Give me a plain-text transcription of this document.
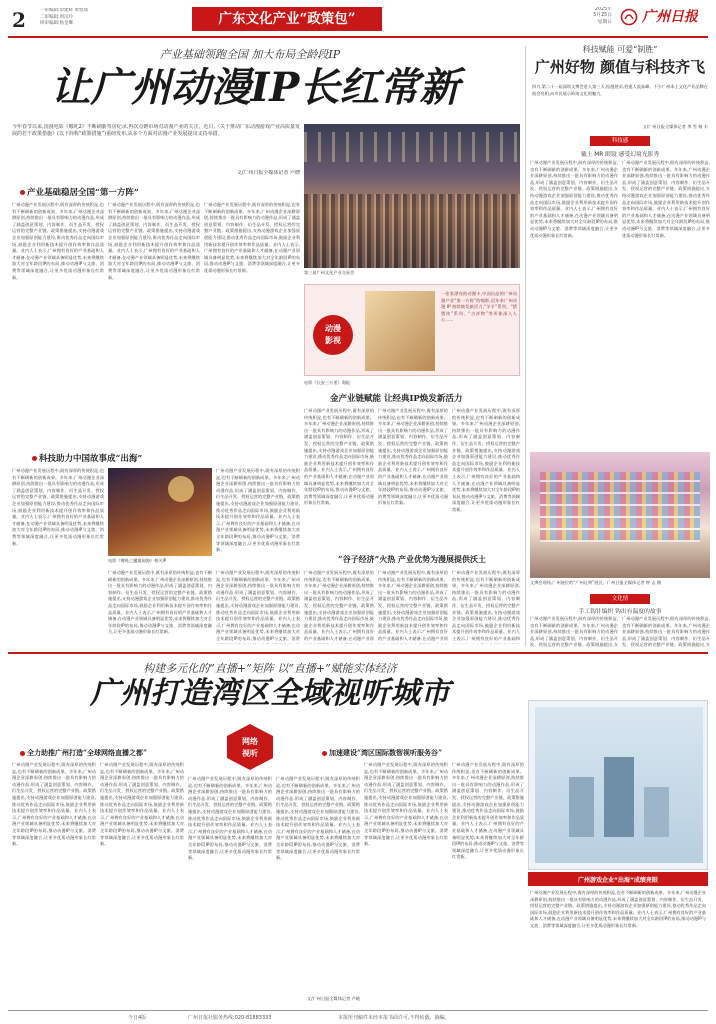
2	一审编辑:余建辉 黄旭瑞
二审编辑:周汉玲
终审编辑:杨金鹰	广东文化产业“政策包”
2025年
5月25日
星期日 广州日报
产业基础领跑全国 加大布局全龄段IP
让广州动漫IP长红常新
今年春节以来,国漫电影《哪吒2》不断刷新票房纪录,再次点燃市场对动漫产业的关注。近日,《关于推动广东动漫游戏产业高质量发展的若干政策措施》(以下简称“政策措施”)重磅发布,从多个方面对动漫产业发展提出支持举措。
文/广州日报全媒体记者 卢晓
第三届广州文化产业交易会
产业基础稳居全国“第一方阵”
广州动漫产业发展历程中,既有深厚的传统积淀,也有不断刷新的创新成果。多年来,广州动漫企业深耕原创,持续推出一批具有影响力的动漫作品,形成了涵盖创意策划、内容制作、衍生品开发、授权运营的完整产业链。政策措施提出,支持动漫游戏企业加强原创能力建设,推动优秀作品走向国际市场,鼓励企业利用新技术提升创作效率和作品质量。业内人士表示,广州拥有良好的产业基础和人才储备,在动漫产业领域具备明显优势,未来将继续加大对全年龄段IP的布局,推动动漫IP与文旅、消费等领域深度融合,让更多优质动漫形象长红常新。
广州动漫产业发展历程中,既有深厚的传统积淀,也有不断刷新的创新成果。多年来,广州动漫企业深耕原创,持续推出一批具有影响力的动漫作品,形成了涵盖创意策划、内容制作、衍生品开发、授权运营的完整产业链。政策措施提出,支持动漫游戏企业加强原创能力建设,推动优秀作品走向国际市场,鼓励企业利用新技术提升创作效率和作品质量。业内人士表示,广州拥有良好的产业基础和人才储备,在动漫产业领域具备明显优势,未来将继续加大对全年龄段IP的布局,推动动漫IP与文旅、消费等领域深度融合,让更多优质动漫形象长红常新。
广州动漫产业发展历程中,既有深厚的传统积淀,也有不断刷新的创新成果。多年来,广州动漫企业深耕原创,持续推出一批具有影响力的动漫作品,形成了涵盖创意策划、内容制作、衍生品开发、授权运营的完整产业链。政策措施提出,支持动漫游戏企业加强原创能力建设,推动优秀作品走向国际市场,鼓励企业利用新技术提升创作效率和作品质量。业内人士表示,广州拥有良好的产业基础和人才储备,在动漫产业领域具备明显优势,未来将继续加大对全年龄段IP的布局,推动动漫IP与文旅、消费等领域深度融合,让更多优质动漫形象长红常新。
动漫
影视
一张张漂亮的动漫卡,中国出品的广州动漫产业“第一方阵”的缩影,近年来广州动漫 IP 持续焕发新活力,“羊羊”系列、“猪猪侠”系列、“吉祥物”等形象深入人心……
电影《长安三万里》海报
金产业链赋能 让经典IP焕发新活力
广州动漫产业发展历程中,既有深厚的传统积淀,也有不断刷新的创新成果。多年来,广州动漫企业深耕原创,持续推出一批具有影响力的动漫作品,形成了涵盖创意策划、内容制作、衍生品开发、授权运营的完整产业链。政策措施提出,支持动漫游戏企业加强原创能力建设,推动优秀作品走向国际市场,鼓励企业利用新技术提升创作效率和作品质量。业内人士表示,广州拥有良好的产业基础和人才储备,在动漫产业领域具备明显优势,未来将继续加大对全年龄段IP的布局,推动动漫IP与文旅、消费等领域深度融合,让更多优质动漫形象长红常新。
广州动漫产业发展历程中,既有深厚的传统积淀,也有不断刷新的创新成果。多年来,广州动漫企业深耕原创,持续推出一批具有影响力的动漫作品,形成了涵盖创意策划、内容制作、衍生品开发、授权运营的完整产业链。政策措施提出,支持动漫游戏企业加强原创能力建设,推动优秀作品走向国际市场,鼓励企业利用新技术提升创作效率和作品质量。业内人士表示,广州拥有良好的产业基础和人才储备,在动漫产业领域具备明显优势,未来将继续加大对全年龄段IP的布局,推动动漫IP与文旅、消费等领域深度融合,让更多优质动漫形象长红常新。
广州动漫产业发展历程中,既有深厚的传统积淀,也有不断刷新的创新成果。多年来,广州动漫企业深耕原创,持续推出一批具有影响力的动漫作品,形成了涵盖创意策划、内容制作、衍生品开发、授权运营的完整产业链。政策措施提出,支持动漫游戏企业加强原创能力建设,推动优秀作品走向国际市场,鼓励企业利用新技术提升创作效率和作品质量。业内人士表示,广州拥有良好的产业基础和人才储备,在动漫产业领域具备明显优势,未来将继续加大对全年龄段IP的布局,推动动漫IP与文旅、消费等领域深度融合,让更多优质动漫形象长红常新。
科技助力中国故事成“出海”
广州动漫产业发展历程中,既有深厚的传统积淀,也有不断刷新的创新成果。多年来,广州动漫企业深耕原创,持续推出一批具有影响力的动漫作品,形成了涵盖创意策划、内容制作、衍生品开发、授权运营的完整产业链。政策措施提出,支持动漫游戏企业加强原创能力建设,推动优秀作品走向国际市场,鼓励企业利用新技术提升创作效率和作品质量。业内人士表示,广州拥有良好的产业基础和人才储备,在动漫产业领域具备明显优势,未来将继续加大对全年龄段IP的布局,推动动漫IP与文旅、消费等领域深度融合,让更多优质动漫形象长红常新。
电影《哪吒之魔童闹海》相关IP
广州动漫产业发展历程中,既有深厚的传统积淀,也有不断刷新的创新成果。多年来,广州动漫企业深耕原创,持续推出一批具有影响力的动漫作品,形成了涵盖创意策划、内容制作、衍生品开发、授权运营的完整产业链。政策措施提出,支持动漫游戏企业加强原创能力建设,推动优秀作品走向国际市场,鼓励企业利用新技术提升创作效率和作品质量。业内人士表示,广州拥有良好的产业基础和人才储备,在动漫产业领域具备明显优势,未来将继续加大对全年龄段IP的布局,推动动漫IP与文旅、消费等领域深度融合,让更多优质动漫形象长红常新。
广州动漫产业发展历程中,既有深厚的传统积淀,也有不断刷新的创新成果。多年来,广州动漫企业深耕原创,持续推出一批具有影响力的动漫作品,形成了涵盖创意策划、内容制作、衍生品开发、授权运营的完整产业链。政策措施提出,支持动漫游戏企业加强原创能力建设,推动优秀作品走向国际市场,鼓励企业利用新技术提升创作效率和作品质量。业内人士表示,广州拥有良好的产业基础和人才储备,在动漫产业领域具备明显优势,未来将继续加大对全年龄段IP的布局,推动动漫IP与文旅、消费等领域深度融合,让更多优质动漫形象长红常新。
“谷子经济”火热 产业优势为漫展提供沃土
广州动漫产业发展历程中,既有深厚的传统积淀,也有不断刷新的创新成果。多年来,广州动漫企业深耕原创,持续推出一批具有影响力的动漫作品,形成了涵盖创意策划、内容制作、衍生品开发、授权运营的完整产业链。政策措施提出,支持动漫游戏企业加强原创能力建设,推动优秀作品走向国际市场,鼓励企业利用新技术提升创作效率和作品质量。业内人士表示,广州拥有良好的产业基础和人才储备,在动漫产业领
广州动漫产业发展历程中,既有深厚的传统积淀,也有不断刷新的创新成果。多年来,广州动漫企业深耕原创,持续推出一批具有影响力的动漫作品,形成了涵盖创意策划、内容制作、衍生品开发、授权运营的完整产业链。政策措施提出,支持动漫游戏企业加强原创能力建设,推动优秀作品走向国际市场,鼓励企业利用新技术提升创作效率和作品质量。业内人士表示,广州拥有良好的产业基础和人才储备,在动漫产业领
广州动漫产业发展历程中,既有深厚的传统积淀,也有不断刷新的创新成果。多年来,广州动漫企业深耕原创,持续推出一批具有影响力的动漫作品,形成了涵盖创意策划、内容制作、衍生品开发、授权运营的完整产业链。政策措施提出,支持动漫游戏企业加强原创能力建设,推动优秀作品走向国际市场,鼓励企业利用新技术提升创作效率和作品质量。业内人士表示,广州拥有良好的产业基础和
广州动漫产业发展历程中,既有深厚的传统积淀,也有不断刷新的创新成果。多年来,广州动漫企业深耕原创,持续推出一批具有影响力的动漫作品,形成了涵盖创意策划、内容制作、衍生品开发、授权运营的完整产业链。政策措施提出,支持动漫游戏企业加强原创能力建设,推动优秀作品走向国际市场,鼓励企业利用新技术提升创作效率和作品质量。业内人士表示,广州拥有良好的产业基础和人才储备,在动漫产业领域具备明显优势,未来将继续加大对全年龄段IP的布局,推动动漫IP与文旅、消费
科技赋能 可爱“制胜”
广州好物 颜值与科技齐飞
四月,第二十一届深圳文博会进入第三天,检漫展采,恰逢人流高峰。不少广州本土文化产业品牌在展会亮相,向市民展示岭南文化的魅力。
文/广州日报全媒体记者 李 雪 杨 丰
科技感
戴上 MR 眼镜 感受幻境光影秀
广州动漫产业发展历程中,既有深厚的传统积淀,也有不断刷新的创新成果。多年来,广州动漫企业深耕原创,持续推出一批具有影响力的动漫作品,形成了涵盖创意策划、内容制作、衍生品开发、授权运营的完整产业链。政策措施提出,支持动漫游戏企业加强原创能力建设,推动优秀作品走向国际市场,鼓励企业利用新技术提升创作效率和作品质量。业内人士表示,广州拥有良好的产业基础和人才储备,在动漫产业领域具备明显优势,未来将继续加大对全年龄段IP的布局,推动动漫IP与文旅、消费等领域深度融合,让更多优质动漫形象长红常新。
广州动漫产业发展历程中,既有深厚的传统积淀,也有不断刷新的创新成果。多年来,广州动漫企业深耕原创,持续推出一批具有影响力的动漫作品,形成了涵盖创意策划、内容制作、衍生品开发、授权运营的完整产业链。政策措施提出,支持动漫游戏企业加强原创能力建设,推动优秀作品走向国际市场,鼓励企业利用新技术提升创作效率和作品质量。业内人士表示,广州拥有良好的产业基础和人才储备,在动漫产业领域具备明显优势,未来将继续加大对全年龄段IP的布局,推动动漫IP与文旅、消费等领域深度融合,让更多优质动漫形象长红常新。
文博会现场,广州展位的“广州礼物”展区。广州日报全媒体记者 钟 志 摄
文化情
手工钩针编织 钩出有温度的故事
广州动漫产业发展历程中,既有深厚的传统积淀,也有不断刷新的创新成果。多年来,广州动漫企业深耕原创,持续推出一批具有影响力的动漫作品,形成了涵盖创意策划、内容制作、衍生品开发、授权运营的完整产业链。政策措施提出,支
广州动漫产业发展历程中,既有深厚的传统积淀,也有不断刷新的创新成果。多年来,广州动漫企业深耕原创,持续推出一批具有影响力的动漫作品,形成了涵盖创意策划、内容制作、衍生品开发、授权运营的完整产业链。政策措施提出,支
构建多元化的“直播+”矩阵 以“直播+”赋能实体经济
广州打造湾区全域视听城市
网络
视听
全力助推广州打造“全球网络直播之都”	加速建设“湾区国际数智视听服务谷”
广州动漫产业发展历程中,既有深厚的传统积淀,也有不断刷新的创新成果。多年来,广州动漫企业深耕原创,持续推出一批具有影响力的动漫作品,形成了涵盖创意策划、内容制作、衍生品开发、授权运营的完整产业链。政策措施提出,支持动漫游戏企业加强原创能力建设,推动优秀作品走向国际市场,鼓励企业利用新技术提升创作效率和作品质量。业内人士表示,广州拥有良好的产业基础和人才储备,在动漫产业领域具备明显优势,未来将继续加大对全年龄段IP的布局,推动动漫IP与文旅、消费等领域深度融合,让更多优质动漫形象长红常新。
广州动漫产业发展历程中,既有深厚的传统积淀,也有不断刷新的创新成果。多年来,广州动漫企业深耕原创,持续推出一批具有影响力的动漫作品,形成了涵盖创意策划、内容制作、衍生品开发、授权运营的完整产业链。政策措施提出,支持动漫游戏企业加强原创能力建设,推动优秀作品走向国际市场,鼓励企业利用新技术提升创作效率和作品质量。业内人士表示,广州拥有良好的产业基础和人才储备,在动漫产业领域具备明显优势,未来将继续加大对全年龄段IP的布局,推动动漫IP与文旅、消费等领域深度融合,让更多优质动漫形象长红常新。
广州动漫产业发展历程中,既有深厚的传统积淀,也有不断刷新的创新成果。多年来,广州动漫企业深耕原创,持续推出一批具有影响力的动漫作品,形成了涵盖创意策划、内容制作、衍生品开发、授权运营的完整产业链。政策措施提出,支持动漫游戏企业加强原创能力建设,推动优秀作品走向国际市场,鼓励企业利用新技术提升创作效率和作品质量。业内人士表示,广州拥有良好的产业基础和人才储备,在动漫产业领域具备明显优势,未来将继续加大对全年龄段IP的布局,推动动漫IP与文旅、消费等领域深度融合,让更多优质动漫形象长红常新。
广州动漫产业发展历程中,既有深厚的传统积淀,也有不断刷新的创新成果。多年来,广州动漫企业深耕原创,持续推出一批具有影响力的动漫作品,形成了涵盖创意策划、内容制作、衍生品开发、授权运营的完整产业链。政策措施提出,支持动漫游戏企业加强原创能力建设,推动优秀作品走向国际市场,鼓励企业利用新技术提升创作效率和作品质量。业内人士表示,广州拥有良好的产业基础和人才储备,在动漫产业领域具备明显优势,未来将继续加大对全年龄段IP的布局,推动动漫IP与文旅、消费等领域深度融合,让更多优质动漫形象长红常新。
文/广州日报全媒体记者 卢晓
广州动漫产业发展历程中,既有深厚的传统积淀,也有不断刷新的创新成果。多年来,广州动漫企业深耕原创,持续推出一批具有影响力的动漫作品,形成了涵盖创意策划、内容制作、衍生品开发、授权运营的完整产业链。政策措施提出,支持动漫游戏企业加强原创能力建设,推动优秀作品走向国际市场,鼓励企业利用新技术提升创作效率和作品质量。业内人士表示,广州拥有良好的产业基础和人才储备,在动漫产业领域具备明显优势,未来将继续加大对全年龄段IP的布局,推动动漫IP与文旅、消费等领域深度融合,让更多优质动漫形象长红常新。
广州动漫产业发展历程中,既有深厚的传统积淀,也有不断刷新的创新成果。多年来,广州动漫企业深耕原创,持续推出一批具有影响力的动漫作品,形成了涵盖创意策划、内容制作、衍生品开发、授权运营的完整产业链。政策措施提出,支持动漫游戏企业加强原创能力建设,推动优秀作品走向国际市场,鼓励企业利用新技术提升创作效率和作品质量。业内人士表示,广州拥有良好的产业基础和人才储备,在动漫产业领域具备明显优势,未来将继续加大对全年龄段IP的布局,推动动漫IP与文旅、消费等领域深度融合,让更多优质动漫形象长红常新。
广州游戏企业“出海”成绩亮眼
广州动漫产业发展历程中,既有深厚的传统积淀,也有不断刷新的创新成果。多年来,广州动漫企业深耕原创,持续推出一批具有影响力的动漫作品,形成了涵盖创意策划、内容制作、衍生品开发、授权运营的完整产业链。政策措施提出,支持动漫游戏企业加强原创能力建设,推动优秀作品走向国际市场,鼓励企业利用新技术提升创作效率和作品质量。业内人士表示,广州拥有良好的产业基础和人才储备,在动漫产业领域具备明显优势,未来将继续加大对全年龄段IP的布局,推动动漫IP与文旅、消费等领域深度融合,让更多优质动漫形象长红常新。
今日4版	广州日报社服务热线:020-81883333	本报所刊稿件未经本报书面许可,不得转载、摘编。
